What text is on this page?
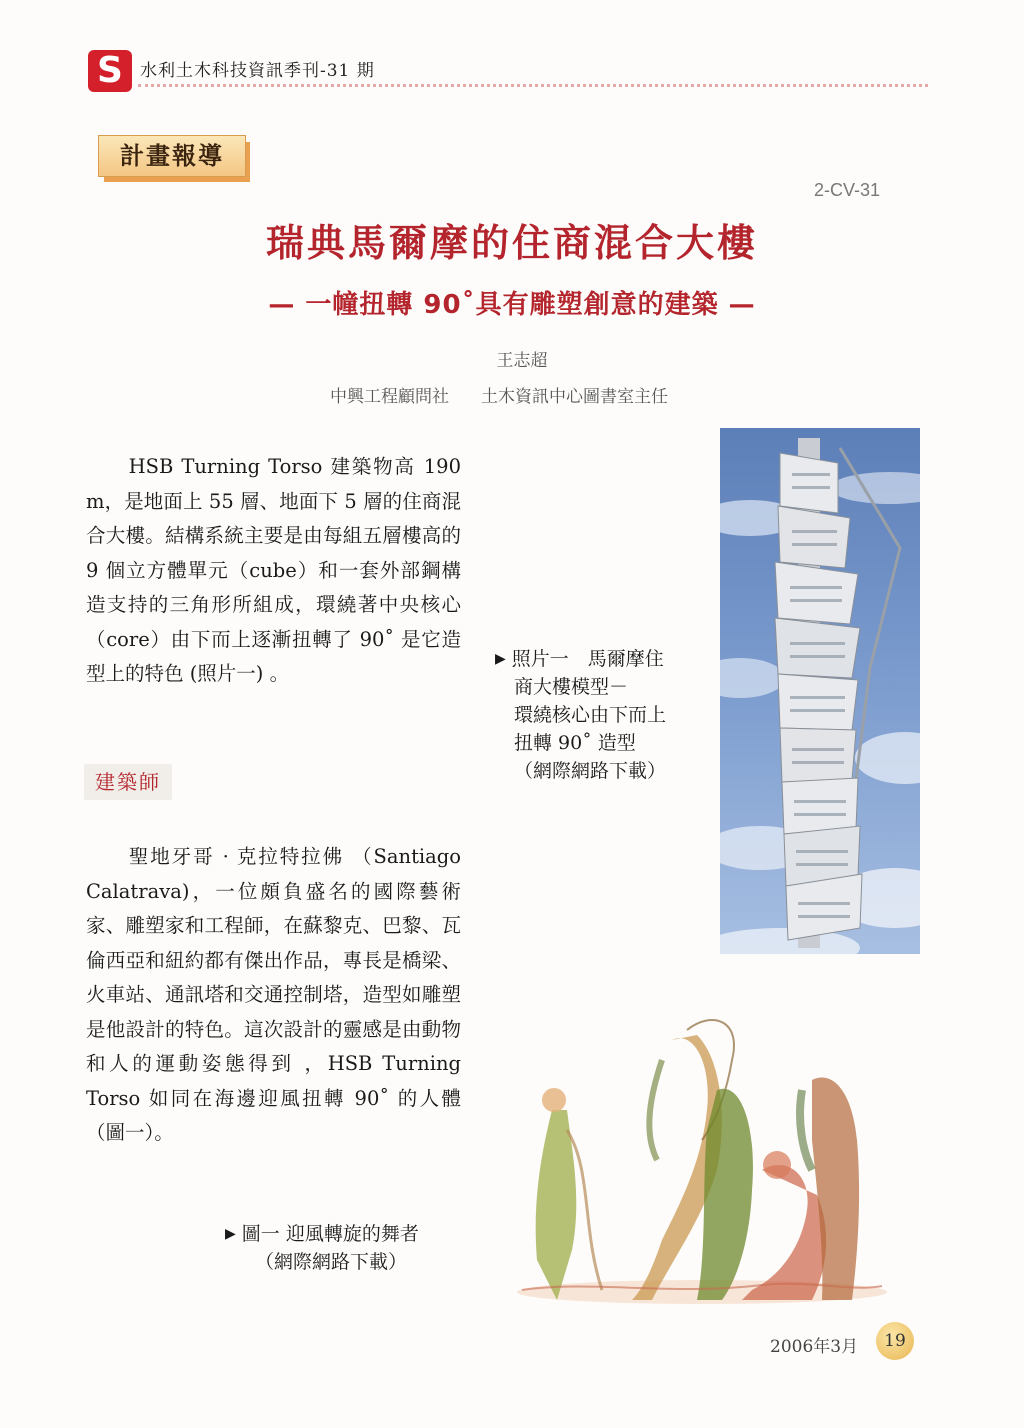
S 水利土木科技資訊季刊-31 期
計畫報導
2-CV-31
瑞典馬爾摩的住商混合大樓
— 一幢扭轉 90˚具有雕塑創意的建築 —
王志超
中興工程顧問社 土木資訊中心圖書室主任
　　HSB Turning Torso 建築物高 190 m，是地面上 55 層、地面下 5 層的住商混合大樓。結構系統主要是由每組五層樓高的 9 個立方體單元（cube）和一套外部鋼構造支持的三角形所組成，環繞著中央核心（core）由下而上逐漸扭轉了 90˚ 是它造型上的特色 (照片一) 。
建築師
　　聖地牙哥 · 克拉特拉佛 （Santiago Calatrava)，一位頗負盛名的國際藝術家、雕塑家和工程師，在蘇黎克、巴黎、瓦倫西亞和紐約都有傑出作品，專長是橋梁、火車站、通訊塔和交通控制塔，造型如雕塑是他設計的特色。這次設計的靈感是由動物和人的運動姿態得到 ，HSB Turning Torso 如同在海邊迎風扭轉 90˚ 的人體（圖一）。
▶ 照片一　馬爾摩住
商大樓模型－
環繞核心由下而上
扭轉 90˚ 造型
（網際網路下載）
▶ 圖一 迎風轉旋的舞者
（網際網路下載）
2006年3月	19
